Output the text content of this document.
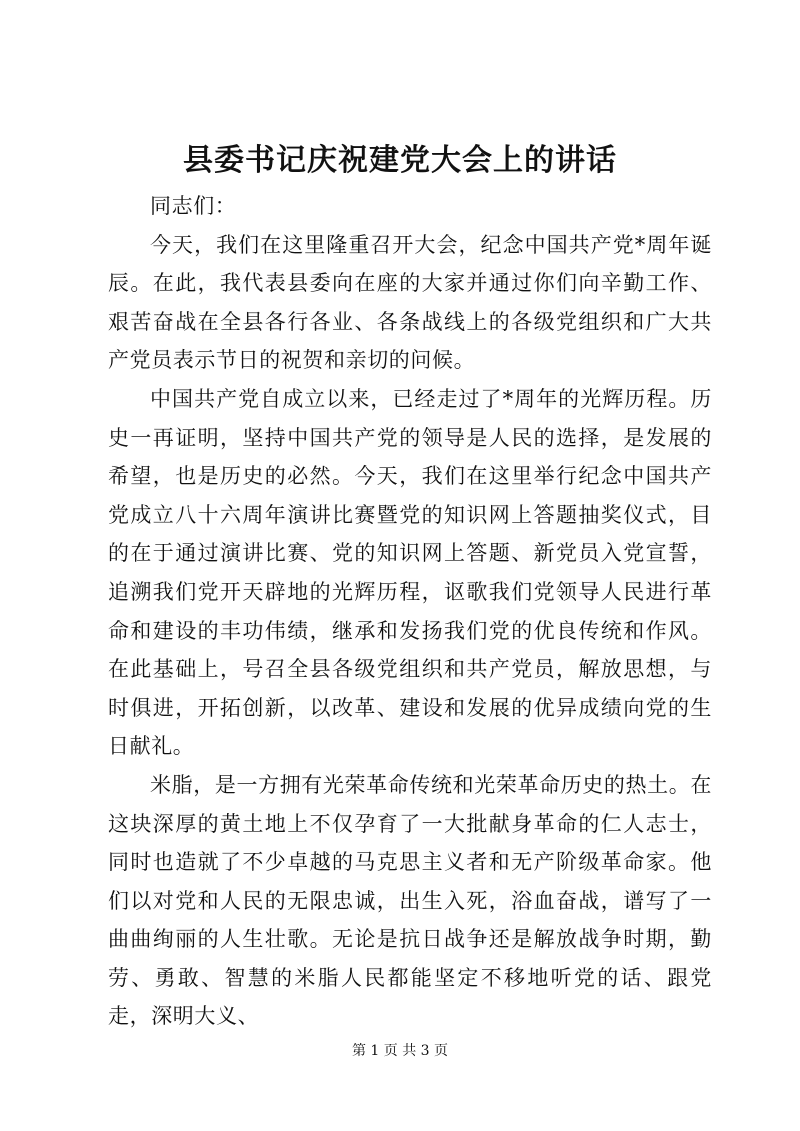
县委书记庆祝建党大会上的讲话

同志们：

今天，我们在这里隆重召开大会，纪念中国共产党*周年诞辰。在此，我代表县委向在座的大家并通过你们向辛勤工作、艰苦奋战在全县各行各业、各条战线上的各级党组织和广大共产党员表示节日的祝贺和亲切的问候。

中国共产党自成立以来，已经走过了*周年的光辉历程。历史一再证明，坚持中国共产党的领导是人民的选择，是发展的希望，也是历史的必然。今天，我们在这里举行纪念中国共产党成立八十六周年演讲比赛暨党的知识网上答题抽奖仪式，目的在于通过演讲比赛、党的知识网上答题、新党员入党宣誓，追溯我们党开天辟地的光辉历程，讴歌我们党领导人民进行革命和建设的丰功伟绩，继承和发扬我们党的优良传统和作风。在此基础上，号召全县各级党组织和共产党员，解放思想，与时俱进，开拓创新，以改革、建设和发展的优异成绩向党的生日献礼。

米脂，是一方拥有光荣革命传统和光荣革命历史的热土。在这块深厚的黄土地上不仅孕育了一大批献身革命的仁人志士，同时也造就了不少卓越的马克思主义者和无产阶级革命家。他们以对党和人民的无限忠诚，出生入死，浴血奋战，谱写了一曲曲绚丽的人生壮歌。无论是抗日战争还是解放战争时期，勤劳、勇敢、智慧的米脂人民都能坚定不移地听党的话、跟党走，深明大义、

第 1 页 共 3 页
